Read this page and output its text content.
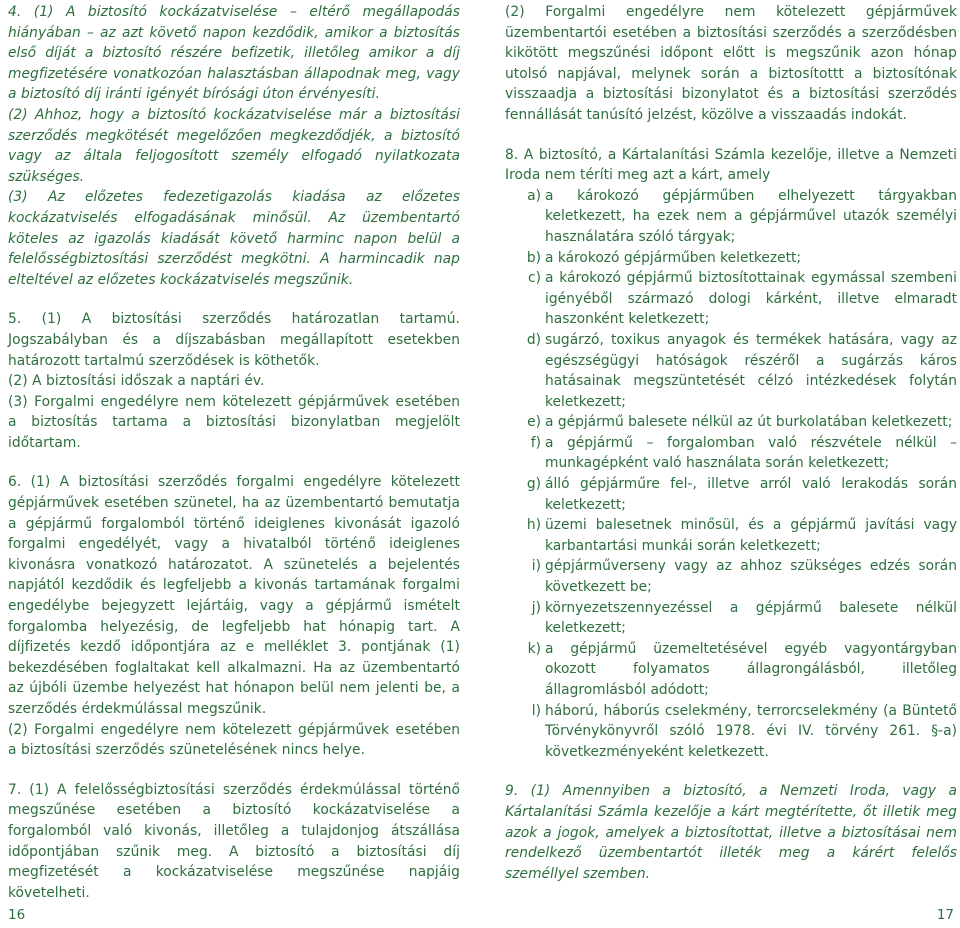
4. (1) A biztosító kockázatviselése – eltérő megállapodás hiányában – az azt követő napon kezdődik, amikor a biztosítás első díját a biztosító részére befizetik, illetőleg amikor a díj megfizetésére vonatkozóan halasztásban állapodnak meg, vagy a biztosító díj iránti igényét bírósági úton érvényesíti.

(2) Ahhoz, hogy a biztosító kockázatviselése már a biztosítási szerződés megkötését megelőzően megkezdődjék, a biztosító vagy az általa feljogosított személy elfogadó nyilatkozata szükséges.

(3) Az előzetes fedezetigazolás kiadása az előzetes kockázatviselés elfogadásának minősül. Az üzembentartó köteles az igazolás kiadását követő harminc napon belül a felelősségbiztosítási szerződést megkötni. A harmincadik nap elteltével az előzetes kockázatviselés megszűnik.

5. (1) A biztosítási szerződés határozatlan tartamú. Jogszabályban és a díjszabásban megállapított esetekben határozott tartalmú szerződések is köthetők.

(2) A biztosítási időszak a naptári év.

(3) Forgalmi engedélyre nem kötelezett gépjárművek esetében a biztosítás tartama a biztosítási bizonylatban megjelölt időtartam.

6. (1) A biztosítási szerződés forgalmi engedélyre kötelezett gépjárművek esetében szünetel, ha az üzembentartó bemutatja a gépjármű forgalomból történő ideiglenes kivonását igazoló forgalmi engedélyét, vagy a hivatalból történő ideiglenes kivonásra vonatkozó határozatot. A szünetelés a bejelentés napjától kezdődik és legfeljebb a kivonás tartamának forgalmi engedélybe bejegyzett lejártáig, vagy a gépjármű ismételt forgalomba helyezésig, de legfeljebb hat hónapig tart. A díjfizetés kezdő időpontjára az e melléklet 3. pontjának (1) bekezdésében foglaltakat kell alkalmazni. Ha az üzembentartó az újbóli üzembe helyezést hat hónapon belül nem jelenti be, a szerződés érdekmúlással megszűnik.

(2) Forgalmi engedélyre nem kötelezett gépjárművek esetében a biztosítási szerződés szünetelésének nincs helye.

7. (1) A felelősségbiztosítási szerződés érdekmúlással történő megszűnése esetében a biztosító kockázatviselése a forgalomból való kivonás, illetőleg a tulajdonjog átszállása időpontjában szűnik meg. A biztosító a biztosítási díj megfizetését a kockázatviselése megszűnése napjáig követelheti.

(2) Forgalmi engedélyre nem kötelezett gépjárművek üzembentartói esetében a biztosítási szerződés a szerződésben kikötött megszűnési időpont előtt is megszűnik azon hónap utolsó napjával, melynek során a biztosítottt a biztosítónak visszaadja a biztosítási bizonylatot és a biztosítási szerződés fennállását tanúsító jelzést, közölve a visszaadás indokát.

8. A biztosító, a Kártalanítási Számla kezelője, illetve a Nemzeti Iroda nem téríti meg azt a kárt, amely

a) a károkozó gépjárműben elhelyezett tárgyakban keletkezett, ha ezek nem a gépjárművel utazók személyi használatára szóló tárgyak;
b) a károkozó gépjárműben keletkezett;
c) a károkozó gépjármű biztosítottainak egymással szembeni igényéből származó dologi kárként, illetve elmaradt haszonként keletkezett;
d) sugárzó, toxikus anyagok és termékek hatására, vagy az egészségügyi hatóságok részéről a sugárzás káros hatásainak megszüntetését célzó intézkedések folytán keletkezett;
e) a gépjármű balesete nélkül az út burkolatában keletkezett;
f) a gépjármű – forgalomban való részvétele nélkül – munkagépként való használata során keletkezett;
g) álló gépjárműre fel-, illetve arról való lerakodás során keletkezett;
h) üzemi balesetnek minősül, és a gépjármű javítási vagy karbantartási munkái során keletkezett;
i) gépjárműverseny vagy az ahhoz szükséges edzés során következett be;
j) környezetszennyezéssel a gépjármű balesete nélkül keletkezett;
k) a gépjármű üzemeltetésével egyéb vagyontárgyban okozott folyamatos állagrongálásból, illetőleg állagromlásból adódott;
l) háború, háborús cselekmény, terrorcselekmény (a Büntető Törvénykönyvről szóló 1978. évi IV. törvény 261. §-a) következményeként keletkezett.

9. (1) Amennyiben a biztosító, a Nemzeti Iroda, vagy a Kártalanítási Számla kezelője a kárt megtérítette, őt illetik meg azok a jogok, amelyek a biztosítottat, illetve a biztosításai nem rendelkező üzembentartót illeték meg a kárért felelős személlyel szemben.

16	17
